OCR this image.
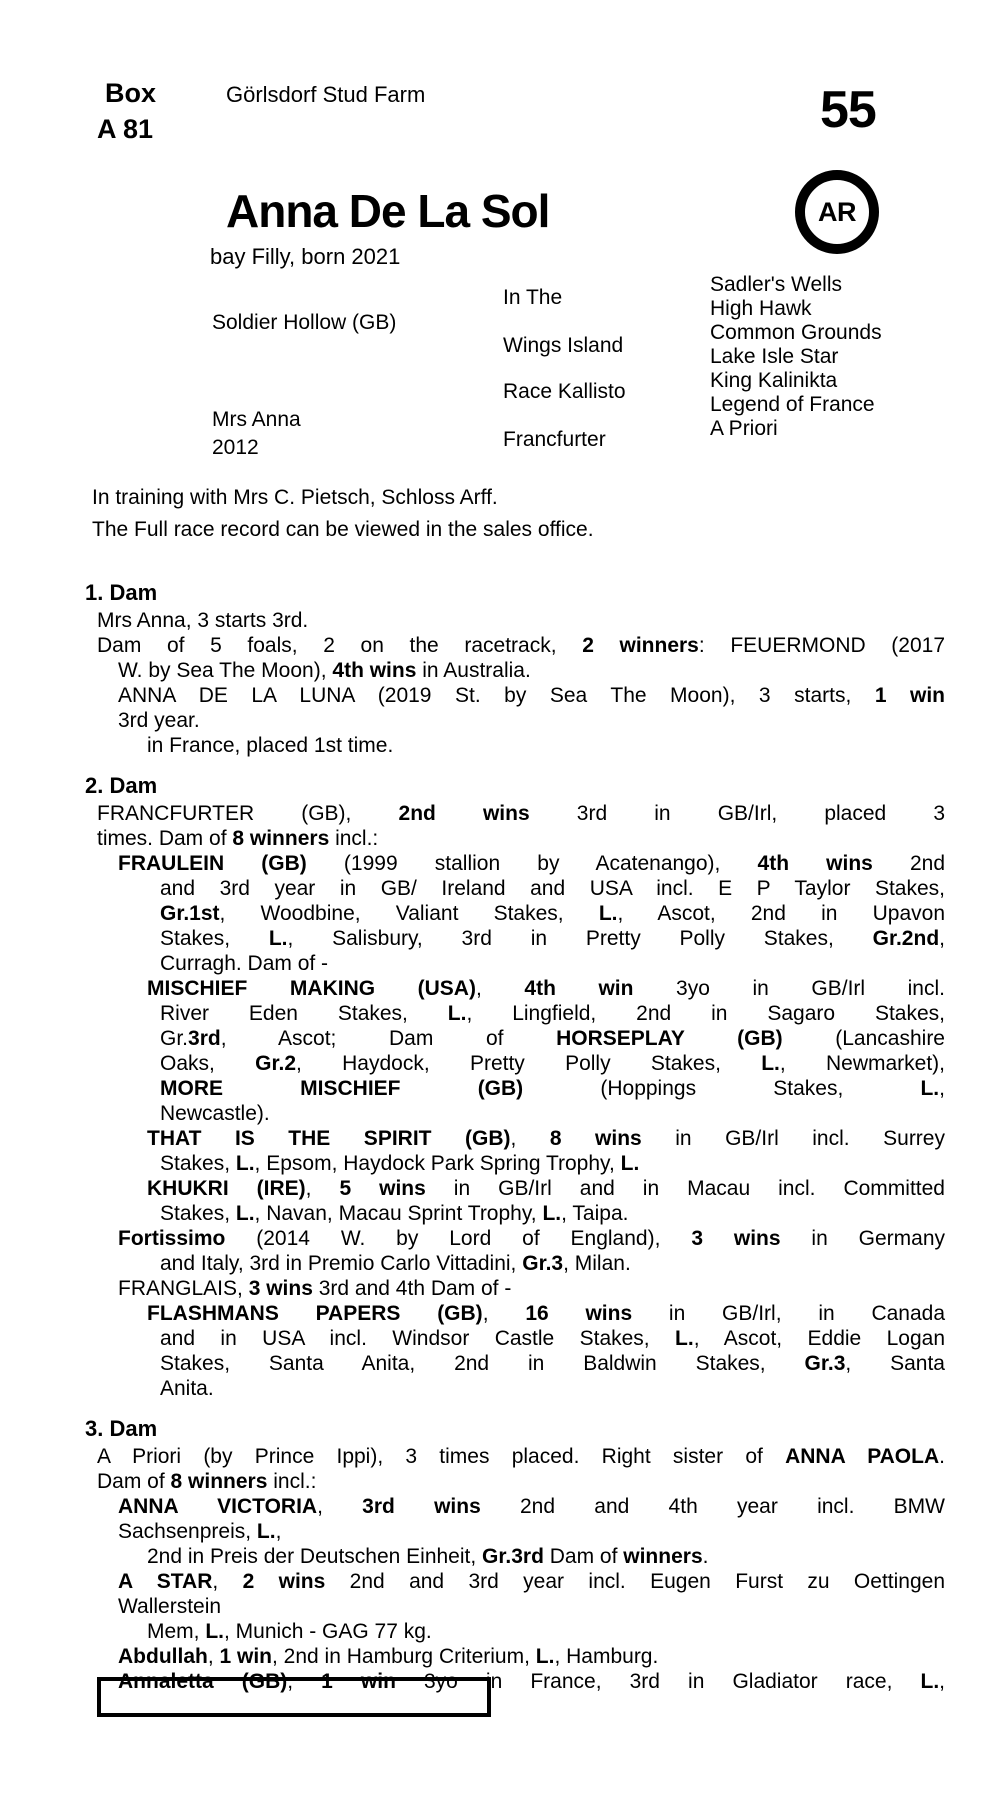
Box
A 81
Görlsdorf Stud Farm	55
Anna De La Sol
bay Filly, born 2021
AR
Soldier Hollow (GB)
Mrs Anna
2012
In The
Wings Island
Race Kallisto
Francfurter
Sadler's Wells
High Hawk
Common Grounds
Lake Isle Star
King Kalinikta
Legend of France
A Priori
In training with Mrs C. Pietsch, Schloss Arff.
The Full race record can be viewed in the sales office.
1. Dam
Mrs Anna, 3 starts 3rd.
Dam of 5 foals, 2 on the racetrack, 2 winners: FEUERMOND (2017
W. by Sea The Moon), 4th wins in Australia.
ANNA DE LA LUNA (2019 St. by Sea The Moon), 3 starts, 1 win
3rd year.
in France, placed 1st time.
2. Dam
FRANCFURTER (GB), 2nd wins 3rd in GB/Irl, placed 3
times. Dam of 8 winners incl.:
FRAULEIN (GB) (1999 stallion by Acatenango), 4th wins 2nd
and 3rd year in GB/ Ireland and USA incl. E P Taylor Stakes,
Gr.1st, Woodbine, Valiant Stakes, L., Ascot, 2nd in Upavon
Stakes, L., Salisbury, 3rd in Pretty Polly Stakes, Gr.2nd,
Curragh. Dam of -
MISCHIEF MAKING (USA), 4th win 3yo in GB/Irl incl.
River Eden Stakes, L., Lingfield, 2nd in Sagaro Stakes,
Gr.3rd, Ascot; Dam of HORSEPLAY (GB) (Lancashire
Oaks, Gr.2, Haydock, Pretty Polly Stakes, L., Newmarket),
MORE MISCHIEF (GB) (Hoppings Stakes, L.,
Newcastle).
THAT IS THE SPIRIT (GB), 8 wins in GB/Irl incl. Surrey
Stakes, L., Epsom, Haydock Park Spring Trophy, L.
KHUKRI (IRE), 5 wins in GB/Irl and in Macau incl. Committed
Stakes, L., Navan, Macau Sprint Trophy, L., Taipa.
Fortissimo (2014 W. by Lord of England), 3 wins in Germany
and Italy, 3rd in Premio Carlo Vittadini, Gr.3, Milan.
FRANGLAIS, 3 wins 3rd and 4th Dam of -
FLASHMANS PAPERS (GB), 16 wins in GB/Irl, in Canada
and in USA incl. Windsor Castle Stakes, L., Ascot, Eddie Logan
Stakes, Santa Anita, 2nd in Baldwin Stakes, Gr.3, Santa
Anita.
3. Dam
A Priori (by Prince Ippi), 3 times placed. Right sister of ANNA PAOLA.
Dam of 8 winners incl.:
ANNA VICTORIA, 3rd wins 2nd and 4th year incl. BMW
Sachsenpreis, L.,
2nd in Preis der Deutschen Einheit, Gr.3rd Dam of winners.
A STAR, 2 wins 2nd and 3rd year incl. Eugen Furst zu Oettingen
Wallerstein
Mem, L., Munich - GAG 77 kg.
Abdullah, 1 win, 2nd in Hamburg Criterium, L., Hamburg.
Annaletta (GB), 1 win 3yo in France, 3rd in Gladiator race, L.,
